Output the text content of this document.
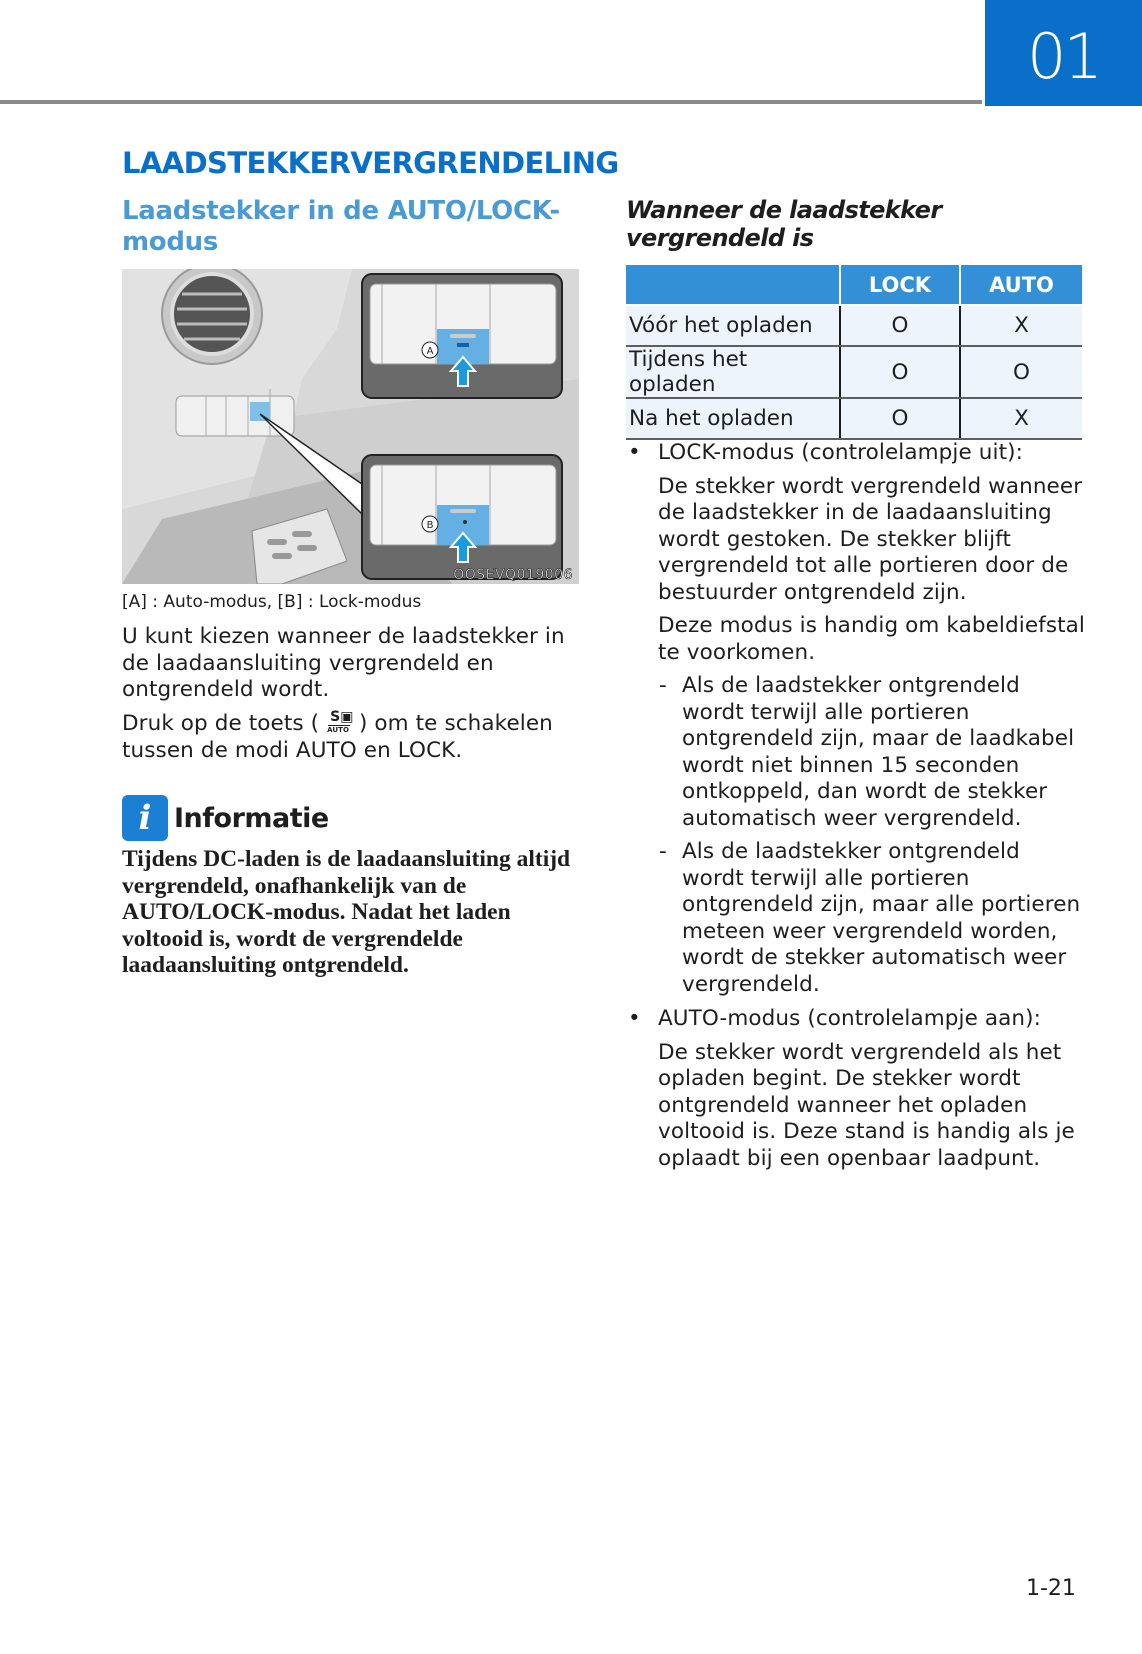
01
LAADSTEKKERVERGRENDELING
Laadstekker in de AUTO/LOCK-modus
Wanneer de laadstekker vergrendeld is
A
B
OOSEVQ019006

[A] : Auto-modus, [B] : Lock-modus

U kunt kiezen wanneer de laadstekker in de laadaansluiting vergrendeld en ontgrendeld wordt.

Druk op de toets ( S▣
AUTO ) om te schakelen tussen de modi AUTO en LOCK.

i Informatie

Tijdens DC-laden is de laadaansluiting altijd vergrendeld, onafhankelijk van de AUTO/LOCK-modus. Nadat het laden voltooid is, wordt de vergrendelde laadaansluiting ontgrendeld.

	LOCK	AUTO
Vóór het opladen	O	X
Tijdens het opladen	O	O
Na het opladen	O	X
• LOCK-modus (controlelampje uit):

De stekker wordt vergrendeld wanneer de laadstekker in de laadaansluiting wordt gestoken. De stekker blijft vergrendeld tot alle portieren door de bestuurder ontgrendeld zijn.

Deze modus is handig om kabeldiefstal te voorkomen.

- Als de laadstekker ontgrendeld wordt terwijl alle portieren ontgrendeld zijn, maar de laadkabel wordt niet binnen 15 seconden ontkoppeld, dan wordt de stekker automatisch weer vergrendeld.
- Als de laadstekker ontgrendeld wordt terwijl alle portieren ontgrendeld zijn, maar alle portieren meteen weer vergrendeld worden, wordt de stekker automatisch weer vergrendeld.
• AUTO-modus (controlelampje aan):

De stekker wordt vergrendeld als het opladen begint. De stekker wordt ontgrendeld wanneer het opladen voltooid is. Deze stand is handig als je oplaadt bij een openbaar laadpunt.

1-21
